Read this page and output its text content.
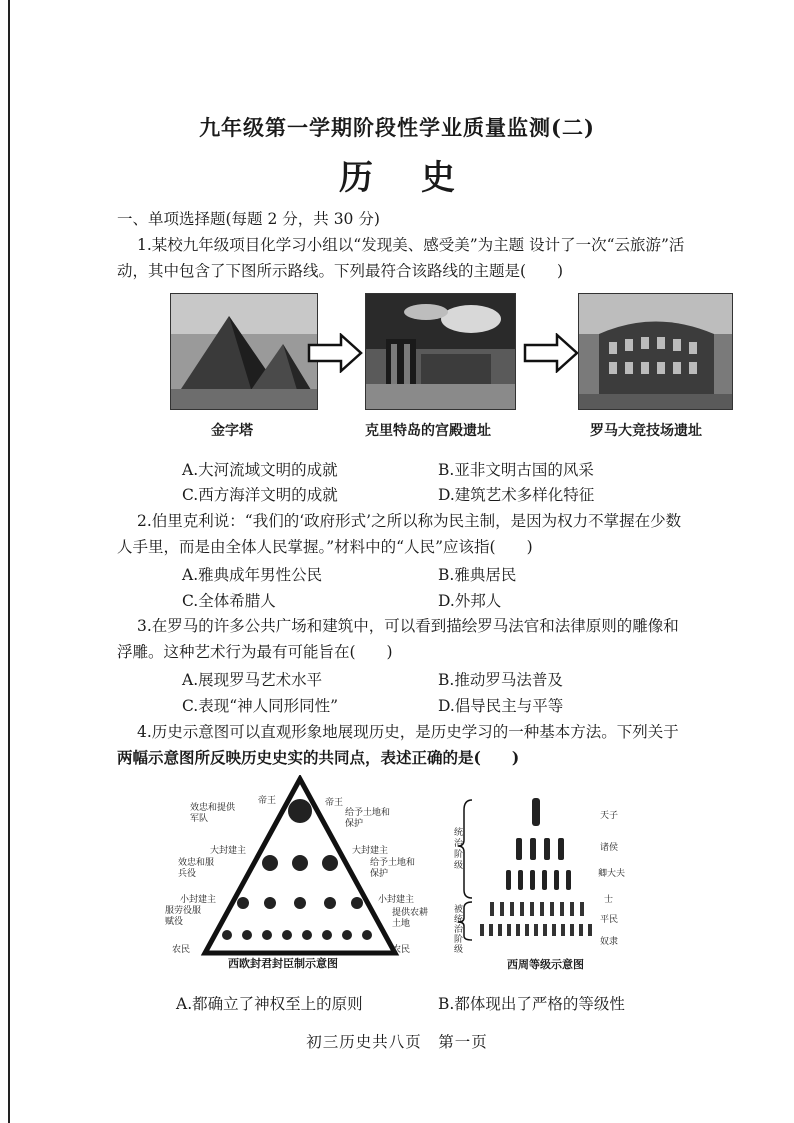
九年级第一学期阶段性学业质量监测(二)
历史
一、单项选择题(每题 2 分，共 30 分)
1.某校九年级项目化学习小组以“发现美、感受美”为主题 设计了一次“云旅游”活
动，其中包含了下图所示路线。下列最符合该路线的主题是(　　)
金字塔	克里特岛的宫殿遗址	罗马大竞技场遗址
A.大河流域文明的成就	B.亚非文明古国的风采
C.西方海洋文明的成就	D.建筑艺术多样化特征
2.伯里克利说：“我们的‘政府形式’之所以称为民主制，是因为权力不掌握在少数
人手里，而是由全体人民掌握。”材料中的“人民”应该指(　　)
A.雅典成年男性公民	B.雅典居民
C.全体希腊人	D.外邦人
3.在罗马的许多公共广场和建筑中，可以看到描绘罗马法官和法律原则的雕像和
浮雕。这种艺术行为最有可能旨在(　　)
A.展现罗马艺术水平	B.推动罗马法普及
C.表现“神人同形同性”	D.倡导民主与平等
4.历史示意图可以直观形象地展现历史，是历史学习的一种基本方法。下列关于
两幅示意图所反映历史史实的共同点，表述正确的是(　　)
帝王
效忠和提供军队
大封建主
效忠和服兵役
小封建主
服劳役服赋役
农民
帝王
给予土地和保护
大封建主
给予土地和保护
小封建主
提供农耕土地
农民
西欧封君封臣制示意图
统治阶级
被统治阶级
天子
诸侯
卿大夫
士
平民
奴隶
西周等级示意图
A.都确立了神权至上的原则	B.都体现出了严格的等级性
初三历史共八页　第一页
